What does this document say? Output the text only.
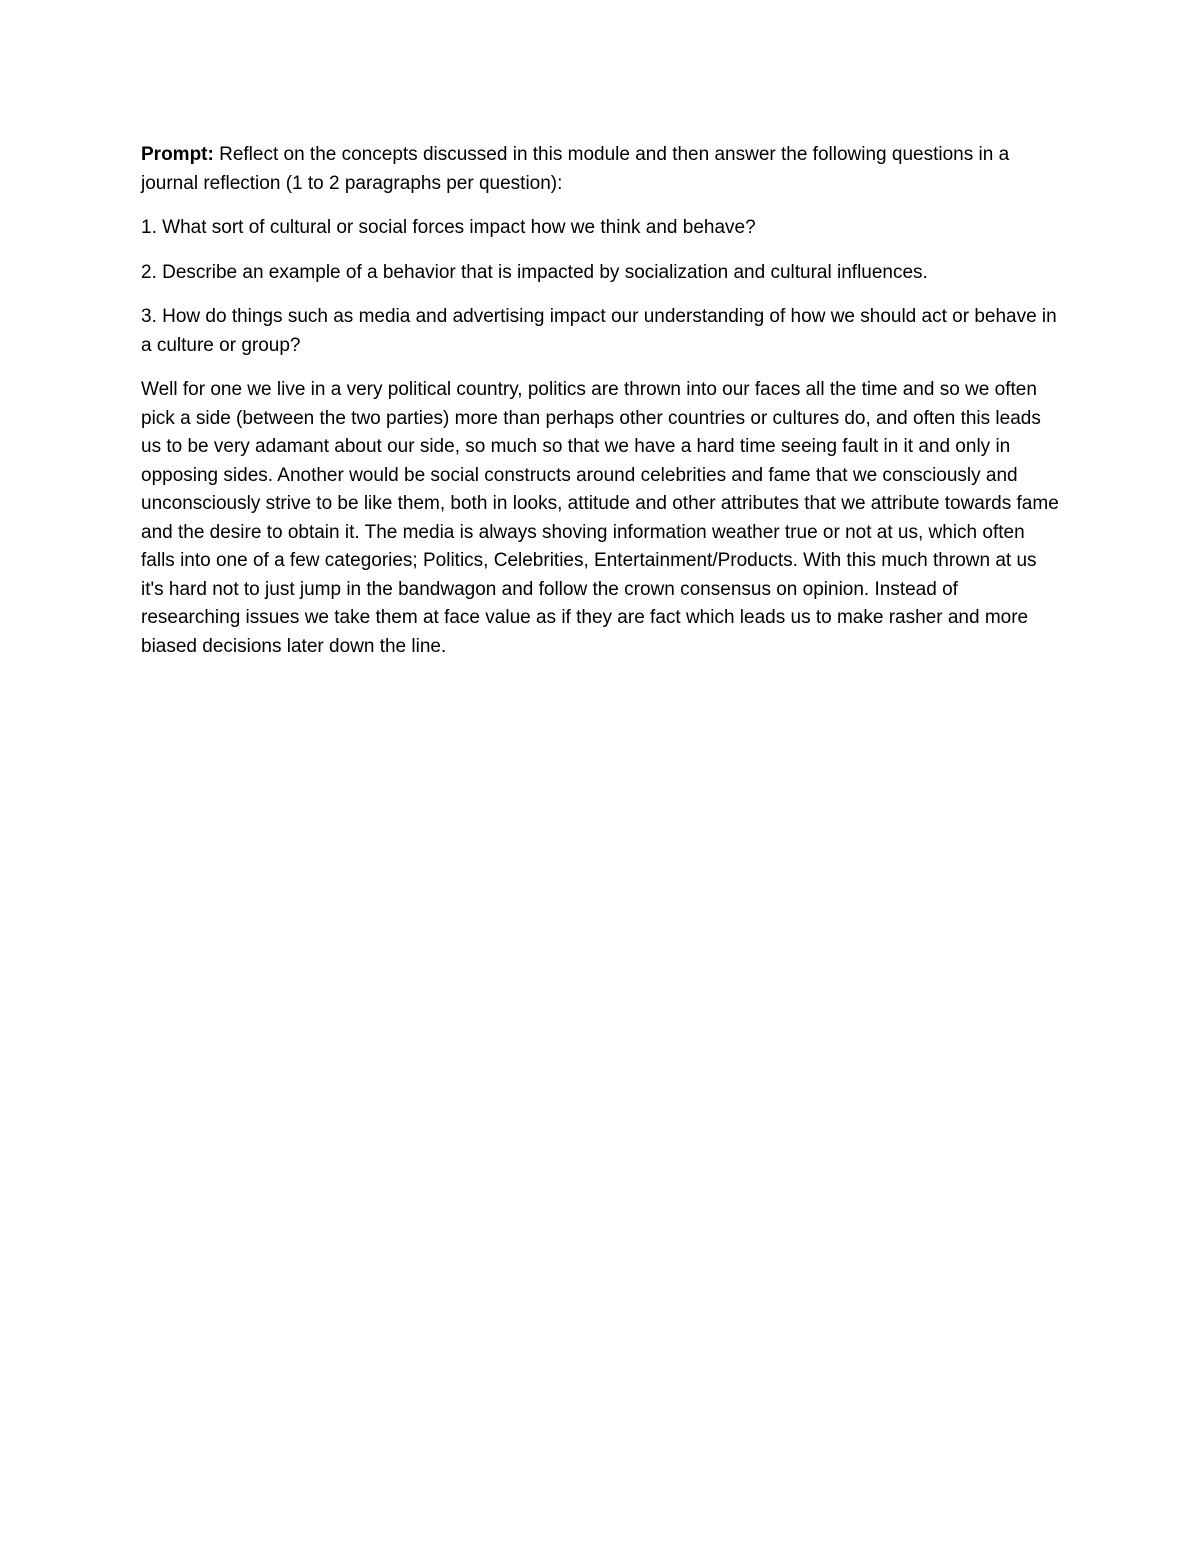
Prompt: Reflect on the concepts discussed in this module and then answer the following questions in a journal reflection (1 to 2 paragraphs per question):

1. What sort of cultural or social forces impact how we think and behave?

2. Describe an example of a behavior that is impacted by socialization and cultural influences.

3. How do things such as media and advertising impact our understanding of how we should act or behave in a culture or group?

Well for one we live in a very political country, politics are thrown into our faces all the time and so we often pick a side (between the two parties) more than perhaps other countries or cultures do, and often this leads us to be very adamant about our side, so much so that we have a hard time seeing fault in it and only in opposing sides. Another would be social constructs around celebrities and fame that we consciously and unconsciously strive to be like them, both in looks, attitude and other attributes that we attribute towards fame and the desire to obtain it. The media is always shoving information weather true or not at us, which often falls into one of a few categories; Politics, Celebrities, Entertainment/Products. With this much thrown at us it's hard not to just jump in the bandwagon and follow the crown consensus on opinion. Instead of researching issues we take them at face value as if they are fact which leads us to make rasher and more biased decisions later down the line.
